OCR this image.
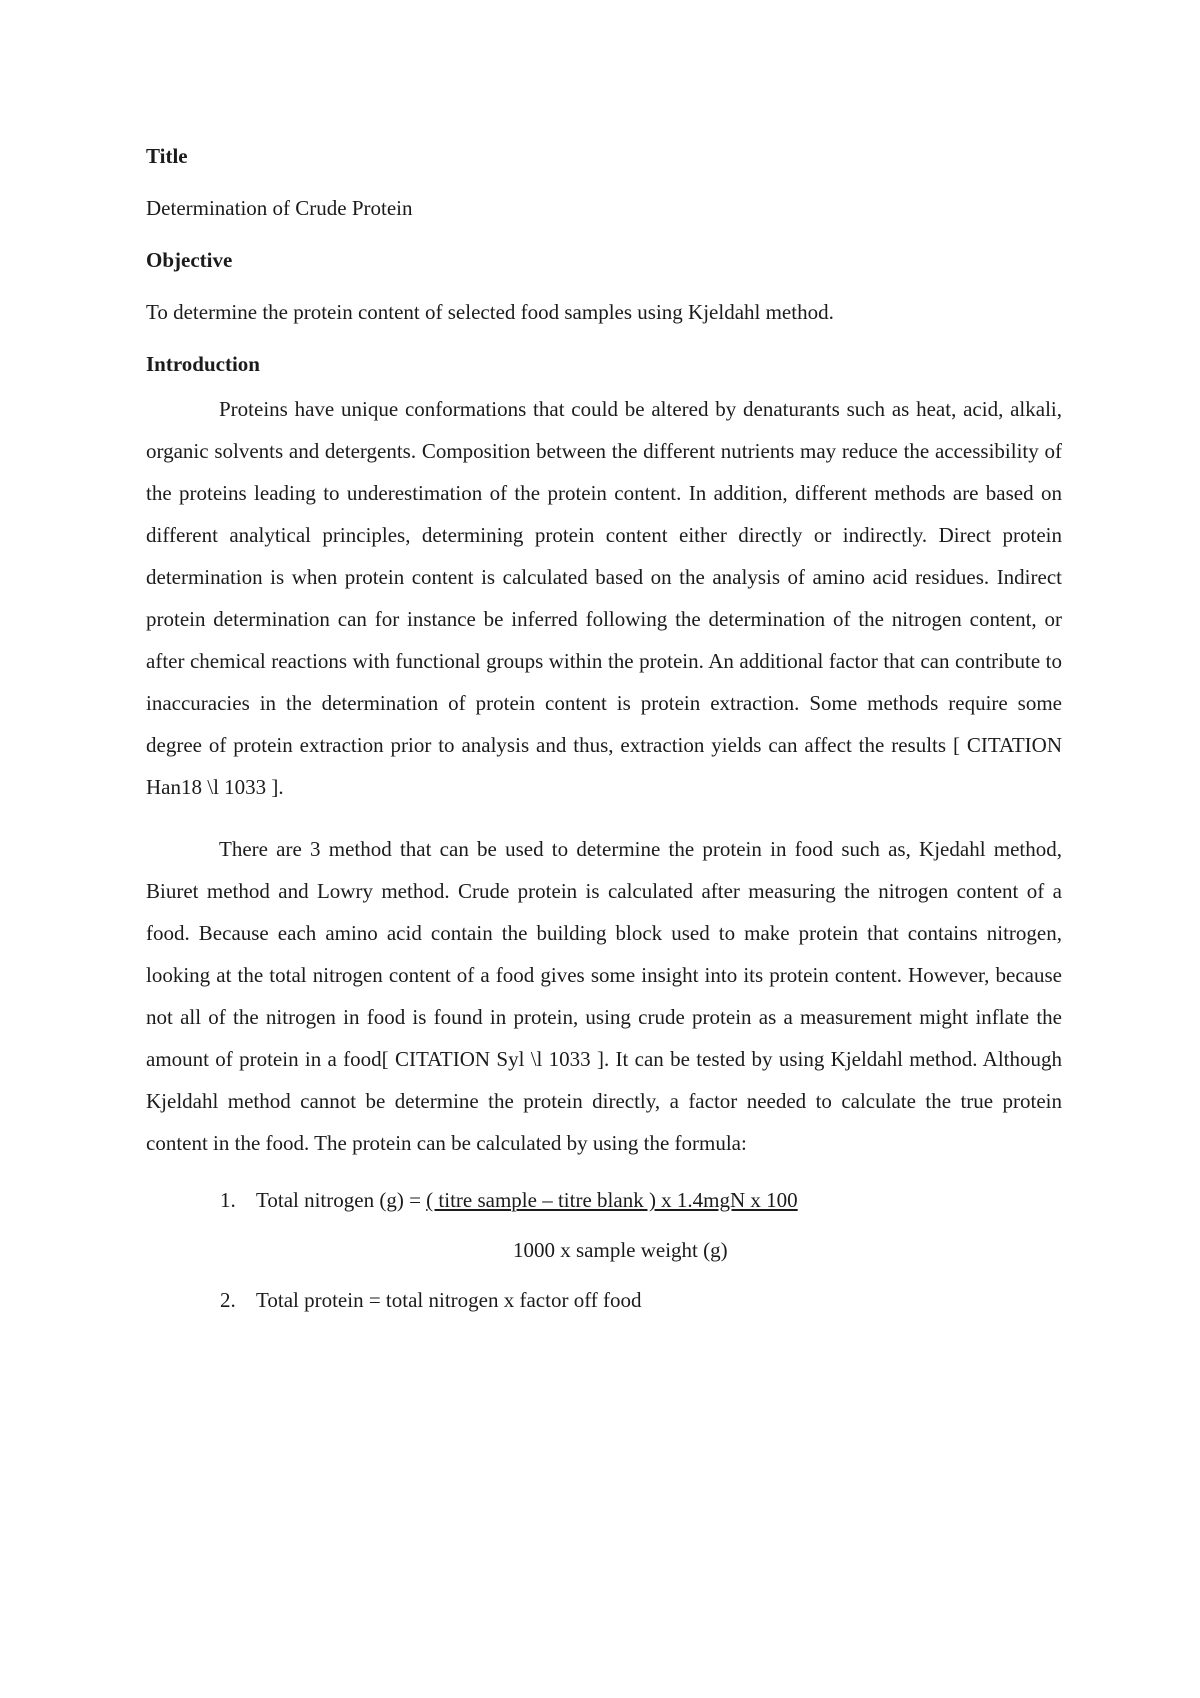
Title

Determination of Crude Protein

Objective

To determine the protein content of selected food samples using Kjeldahl method.

Introduction

Proteins have unique conformations that could be altered by denaturants such as heat, acid, alkali, organic solvents and detergents. Composition between the different nutrients may reduce the accessibility of the proteins leading to underestimation of the protein content. In addition, different methods are based on different analytical principles, determining protein content either directly or indirectly. Direct protein determination is when protein content is calculated based on the analysis of amino acid residues. Indirect protein determination can for instance be inferred following the determination of the nitrogen content, or after chemical reactions with functional groups within the protein. An additional factor that can contribute to inaccuracies in the determination of protein content is protein extraction. Some methods require some degree of protein extraction prior to analysis and thus, extraction yields can affect the results [ CITATION Han18 \l 1033 ].

There are 3 method that can be used to determine the protein in food such as, Kjedahl method, Biuret method and Lowry method. Crude protein is calculated after measuring the nitrogen content of a food. Because each amino acid contain the building block used to make protein that contains nitrogen, looking at the total nitrogen content of a food gives some insight into its protein content. However, because not all of the nitrogen in food is found in protein, using crude protein as a measurement might inflate the amount of protein in a food[ CITATION Syl \l 1033 ]. It can be tested by using Kjeldahl method. Although Kjeldahl method cannot be determine the protein directly, a factor needed to calculate the true protein content in the food. The protein can be calculated by using the formula:

1. Total nitrogen (g) = ( titre sample – titre blank ) x 1.4mgN x 100

1000 x sample weight (g)

2. Total protein = total nitrogen x factor off food
